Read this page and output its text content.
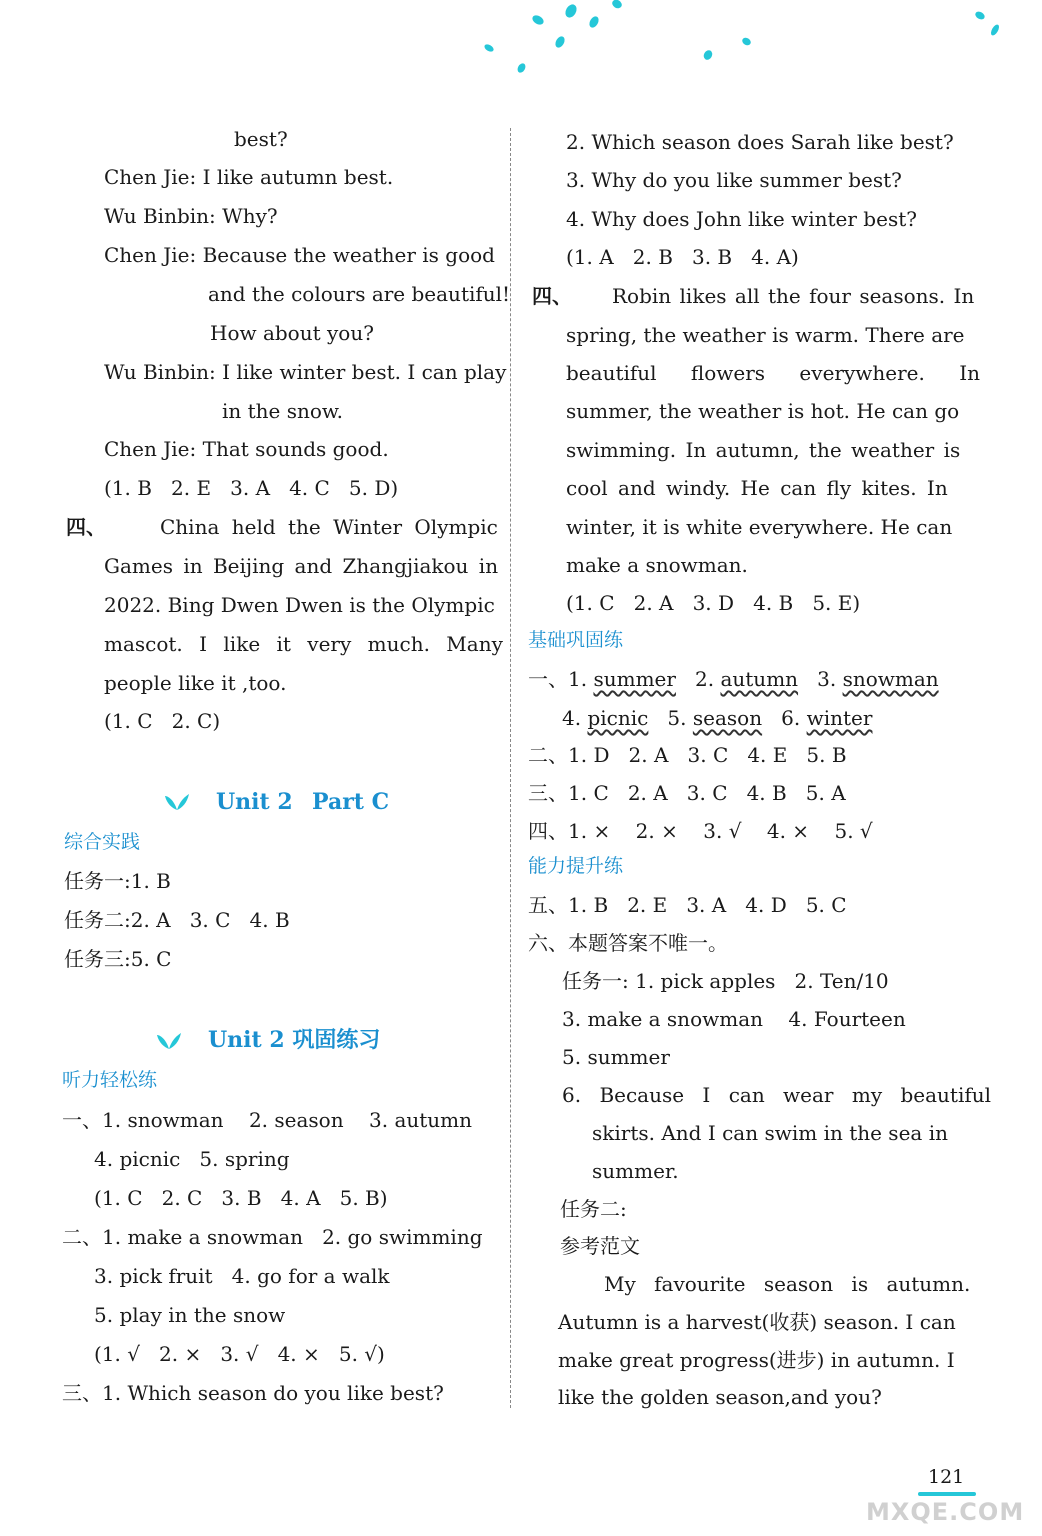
best?
Chen Jie: I like autumn best.
Wu Binbin: Why?
Chen Jie: Because the weather is good
and the colours are beautiful!
How about you?
Wu Binbin: I like winter best. I can play
in the snow.
Chen Jie: That sounds good.
(1. B   2. E   3. A   4. C   5. D)
四、	China held the Winter Olympic
Games in Beijing and Zhangjiakou in
2022. Bing Dwen Dwen is the Olympic
mascot. I like it very much. Many
people like it ,too.
(1. C   2. C)
Unit 2 Part C
综合实践
任务一:1. B
任务二:2. A   3. C   4. B
任务三:5. C
Unit 2 巩固练习
听力轻松练
一、1. snowman    2. season    3. autumn
4. picnic   5. spring
(1. C   2. C   3. B   4. A   5. B)
二、1. make a snowman   2. go swimming
3. pick fruit   4. go for a walk
5. play in the snow
(1. √   2. ×   3. √   4. ×   5. √)
三、1. Which season do you like best?
2. Which season does Sarah like best?
3. Why do you like summer best?
4. Why does John like winter best?
(1. A   2. B   3. B   4. A)
四、 Robin likes all the four seasons. In
spring, the weather is warm. There are
beautiful flowers everywhere. In
summer, the weather is hot. He can go
swimming. In autumn, the weather is
cool and windy. He can fly kites. In
winter, it is white everywhere. He can
make a snowman.
(1. C   2. A   3. D   4. B   5. E)
基础巩固练
一、1. summer 2. autumn 3. snowman
4. picnic 5. season 6. winter
二、1. D   2. A   3. C   4. E   5. B
三、1. C   2. A   3. C   4. B   5. A
四、1. ×    2. ×    3. √    4. ×    5. √
能力提升练
五、1. B   2. E   3. A   4. D   5. C
六、本题答案不唯一。
任务一: 1. pick apples   2. Ten/10
3. make a snowman    4. Fourteen
5. summer
6. Because I can wear my beautiful
skirts. And I can swim in the sea in
summer.
任务二:
参考范文
My favourite season is autumn.
Autumn is a harvest(收获) season. I can
make great progress(进步) in autumn. I
like the golden season,and you?
121
MXQE.COM
